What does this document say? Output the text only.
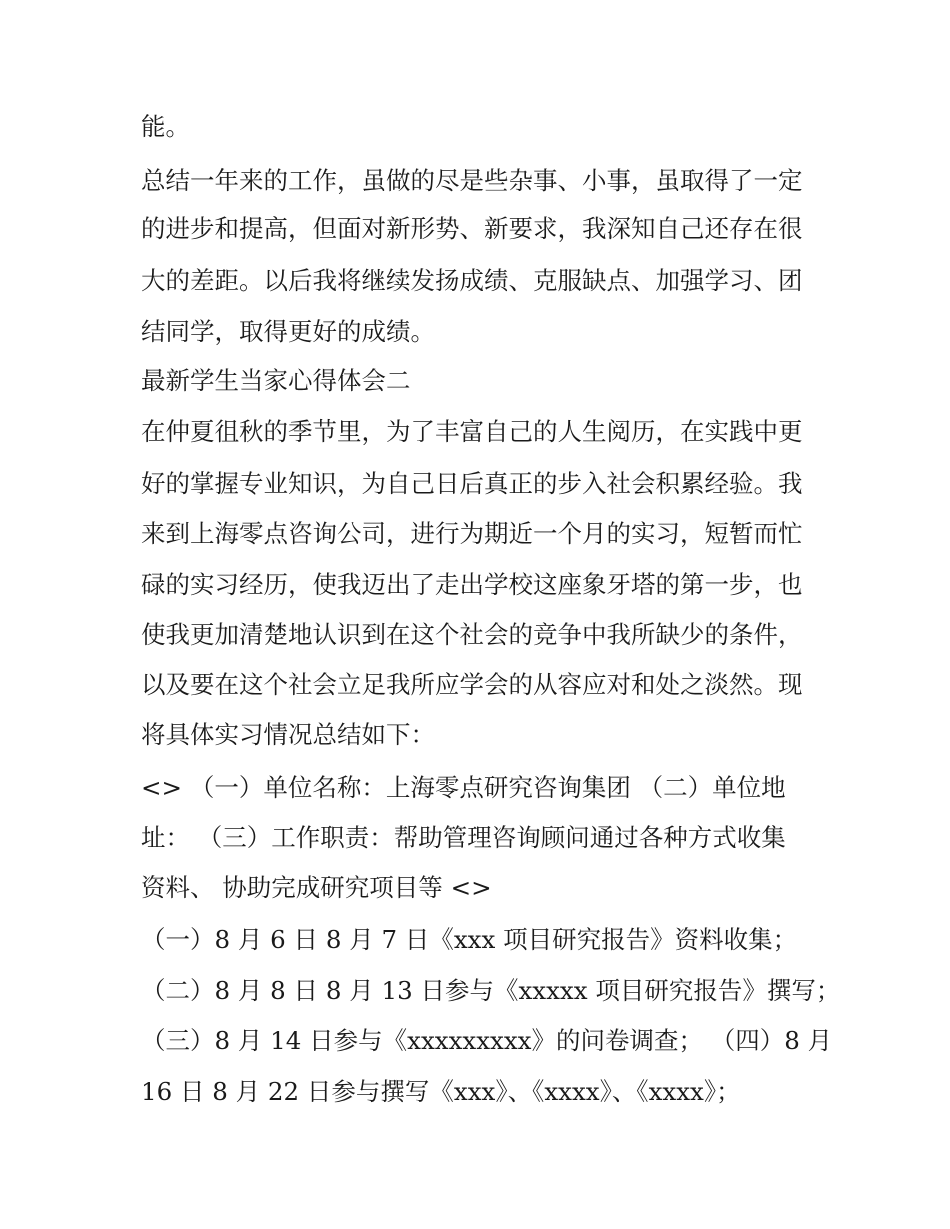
能。
总结一年来的工作，虽做的尽是些杂事、小事，虽取得了一定
的进步和提高，但面对新形势、新要求，我深知自己还存在很
大的差距。以后我将继续发扬成绩、克服缺点、加强学习、团
结同学，取得更好的成绩。
最新学生当家心得体会二
在仲夏徂秋的季节里，为了丰富自己的人生阅历，在实践中更
好的掌握专业知识，为自己日后真正的步入社会积累经验。我
来到上海零点咨询公司，进行为期近一个月的实习，短暂而忙
碌的实习经历，使我迈出了走出学校这座象牙塔的第一步，也
使我更加清楚地认识到在这个社会的竞争中我所缺少的条件，
以及要在这个社会立足我所应学会的从容应对和处之淡然。现
将具体实习情况总结如下：
<> （一）单位名称：上海零点研究咨询集团 （二）单位地
址： （三）工作职责：帮助管理咨询顾问通过各种方式收集
资料、 协助完成研究项目等 <>
（一）8 月 6 日 8 月 7 日《xxx 项目研究报告》资料收集；
（二）8 月 8 日 8 月 13 日参与《xxxxx 项目研究报告》撰写；
（三）8 月 14 日参与《xxxxxxxxx》的问卷调查； （四）8 月
16 日 8 月 22 日参与撰写《xxx》、《xxxx》、《xxxx》；
